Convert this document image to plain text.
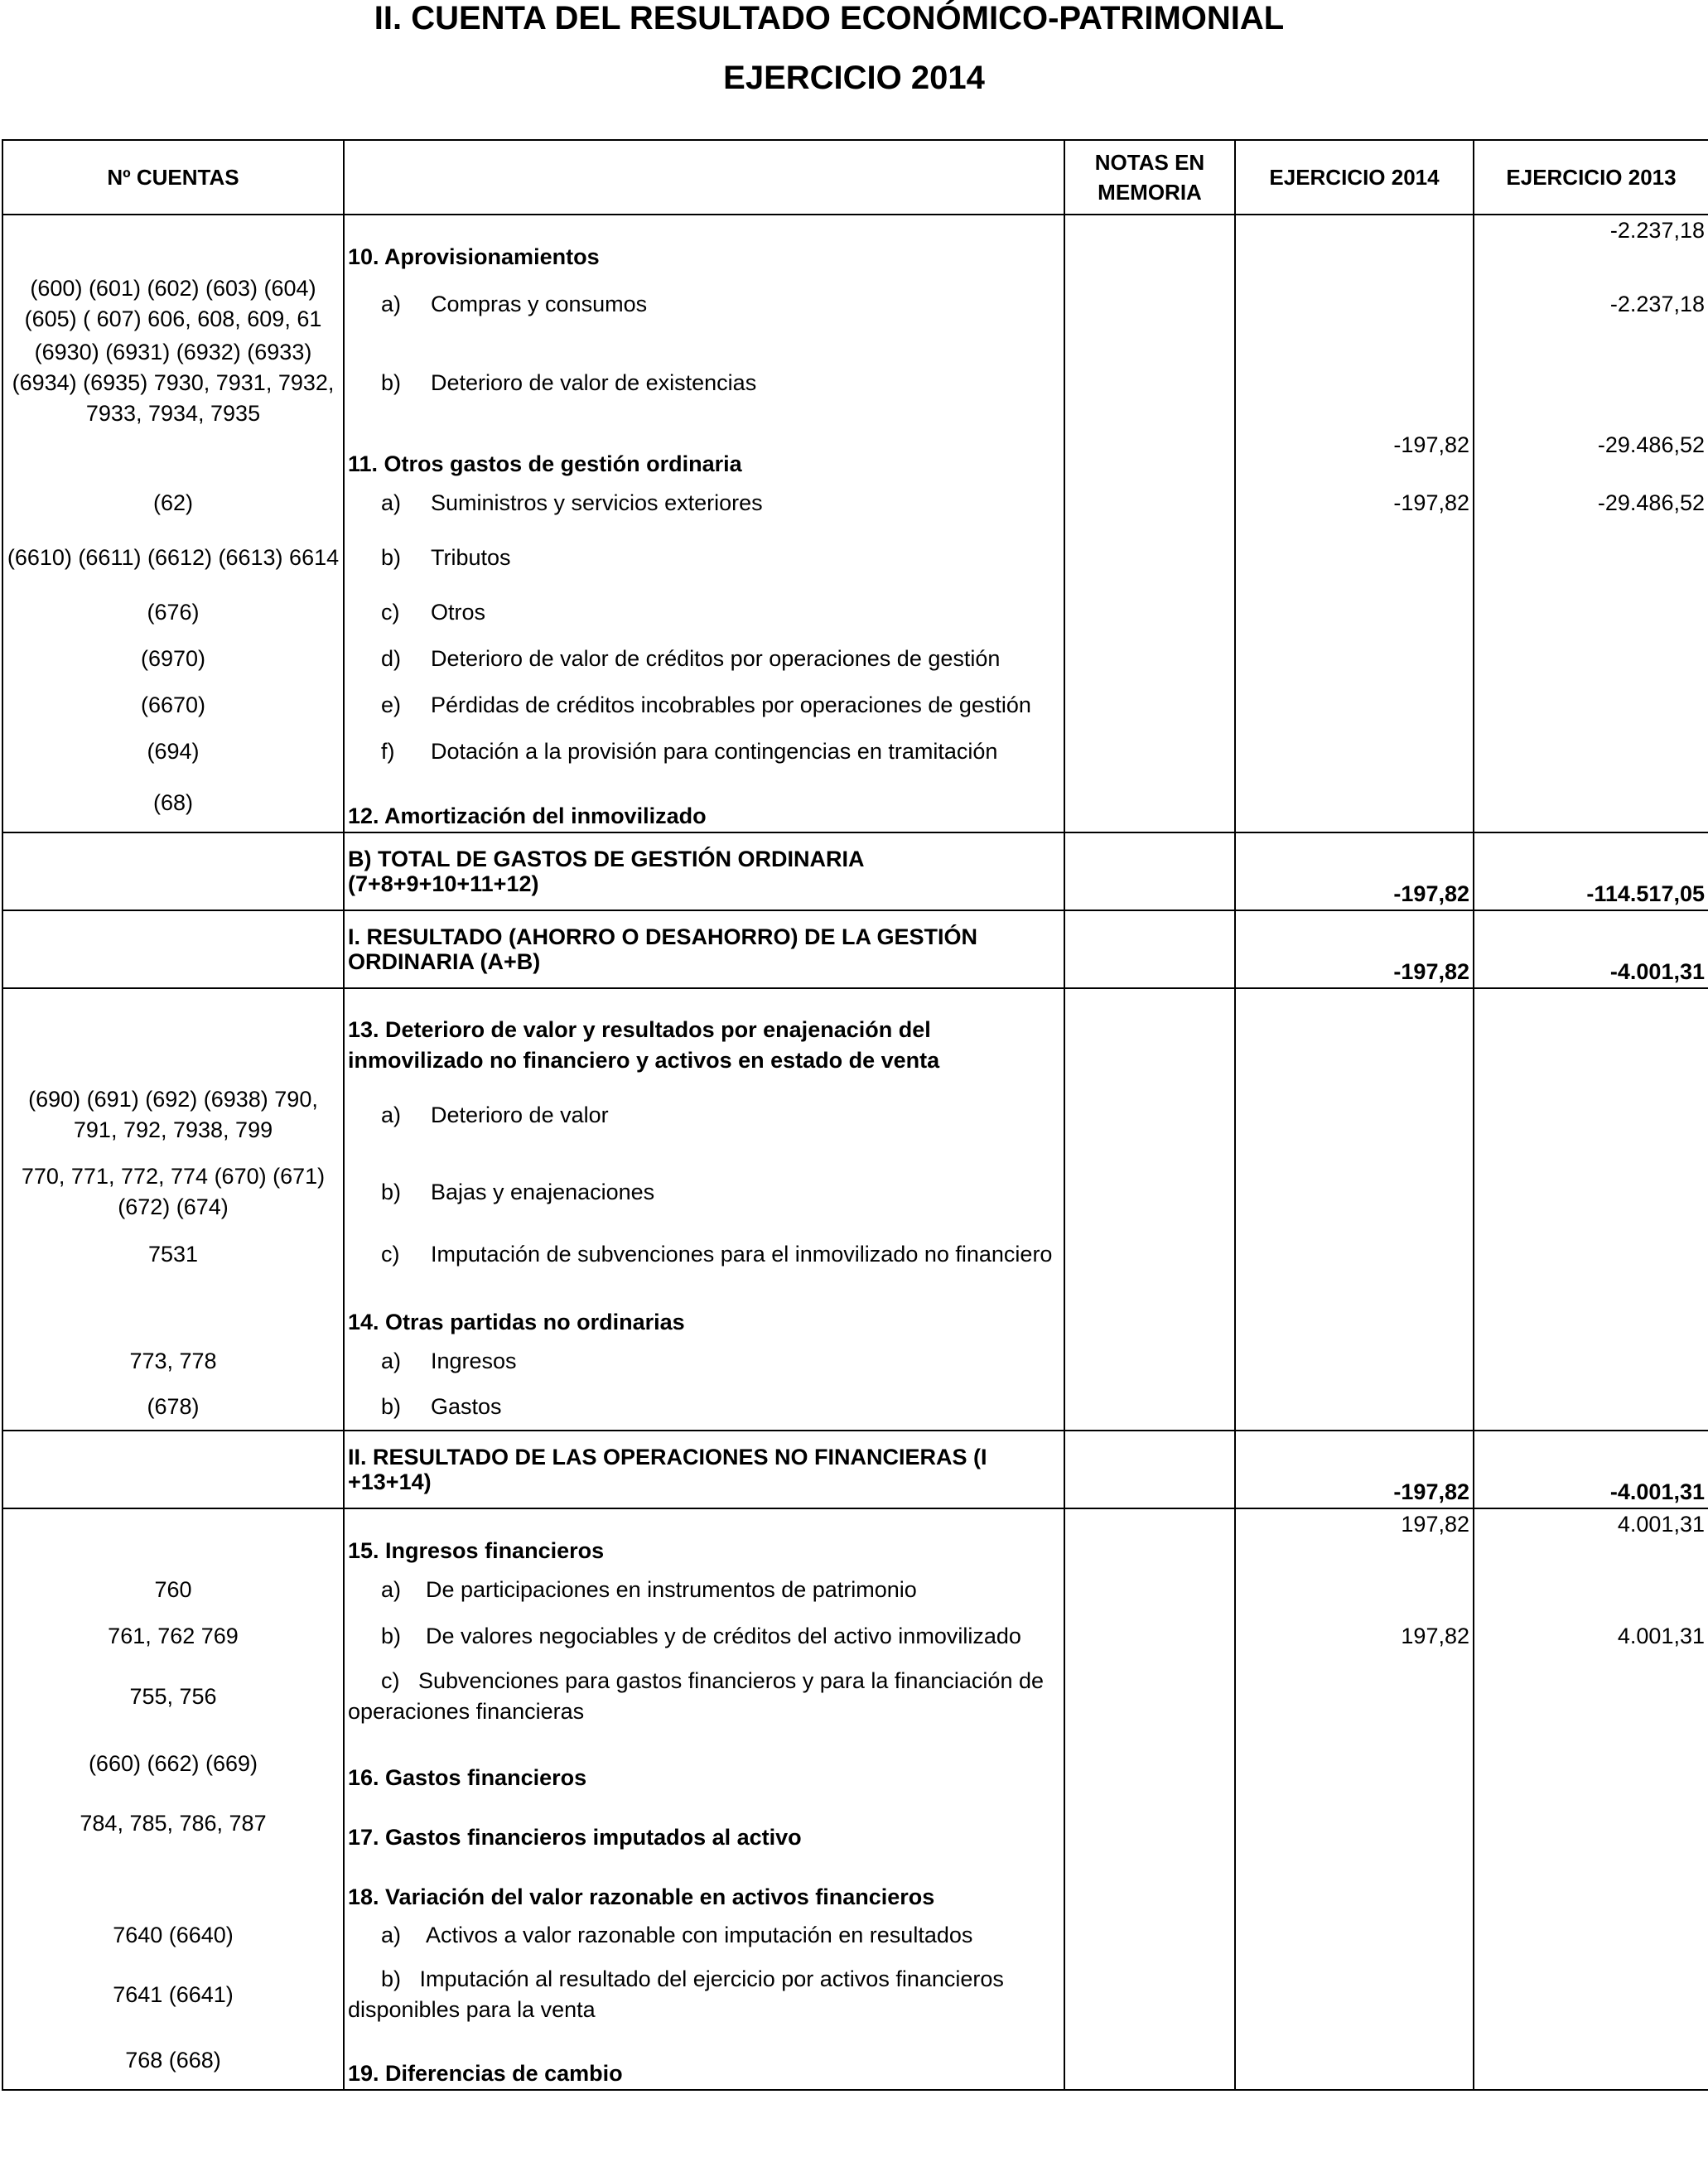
II. CUENTA DEL RESULTADO ECONÓMICO-PATRIMONIAL
EJERCICIO 2014
Nº CUENTAS		NOTAS EN MEMORIA	EJERCICIO 2014	EJERCICIO 2013
	10. Aprovisionamientos			-2.237,18
(600) (601) (602) (603) (604) (605) ( 607) 606, 608, 609, 61	a) Compras y consumos			-2.237,18
(6930) (6931) (6932) (6933) (6934) (6935) 7930, 7931, 7932, 7933, 7934, 7935	b) Deterioro de valor de existencias			
	11. Otros gastos de gestión ordinaria		-197,82	-29.486,52
(62)	a) Suministros y servicios exteriores		-197,82	-29.486,52
(6610) (6611) (6612) (6613) 6614	b) Tributos			
(676)	c) Otros			
(6970)	d) Deterioro de valor de créditos por operaciones de gestión			
(6670)	e) Pérdidas de créditos incobrables por operaciones de gestión			
(694)	f) Dotación a la provisión para contingencias en tramitación			
(68)	12. Amortización del inmovilizado			
	B) TOTAL DE GASTOS DE GESTIÓN ORDINARIA (7+8+9+10+11+12)		-197,82	-114.517,05
	I. RESULTADO (AHORRO O DESAHORRO) DE LA GESTIÓN ORDINARIA (A+B)		-197,82	-4.001,31
	13. Deterioro de valor y resultados por enajenación del inmovilizado no financiero y activos en estado de venta			
(690) (691) (692) (6938) 790, 791, 792, 7938, 799	a) Deterioro de valor			
770, 771, 772, 774 (670) (671) (672) (674)	b) Bajas y enajenaciones			
7531	c) Imputación de subvenciones para el inmovilizado no financiero			
	14. Otras partidas no ordinarias			
773, 778	a) Ingresos			
(678)	b) Gastos			
	II. RESULTADO DE LAS OPERACIONES NO FINANCIERAS (I +13+14)		-197,82	-4.001,31
	15. Ingresos financieros		197,82	4.001,31
760	a) De participaciones en instrumentos de patrimonio			
761, 762 769	b) De valores negociables y de créditos del activo inmovilizado		197,82	4.001,31
755, 756	c) Subvenciones para gastos financieros y para la financiación de operaciones financieras			
(660) (662) (669)	16. Gastos financieros			
784, 785, 786, 787	17. Gastos financieros imputados al activo			
	18. Variación del valor razonable en activos financieros			
7640 (6640)	a) Activos a valor razonable con imputación en resultados			
7641 (6641)	b) Imputación al resultado del ejercicio por activos financieros disponibles para la venta			
768 (668)	19. Diferencias de cambio			
